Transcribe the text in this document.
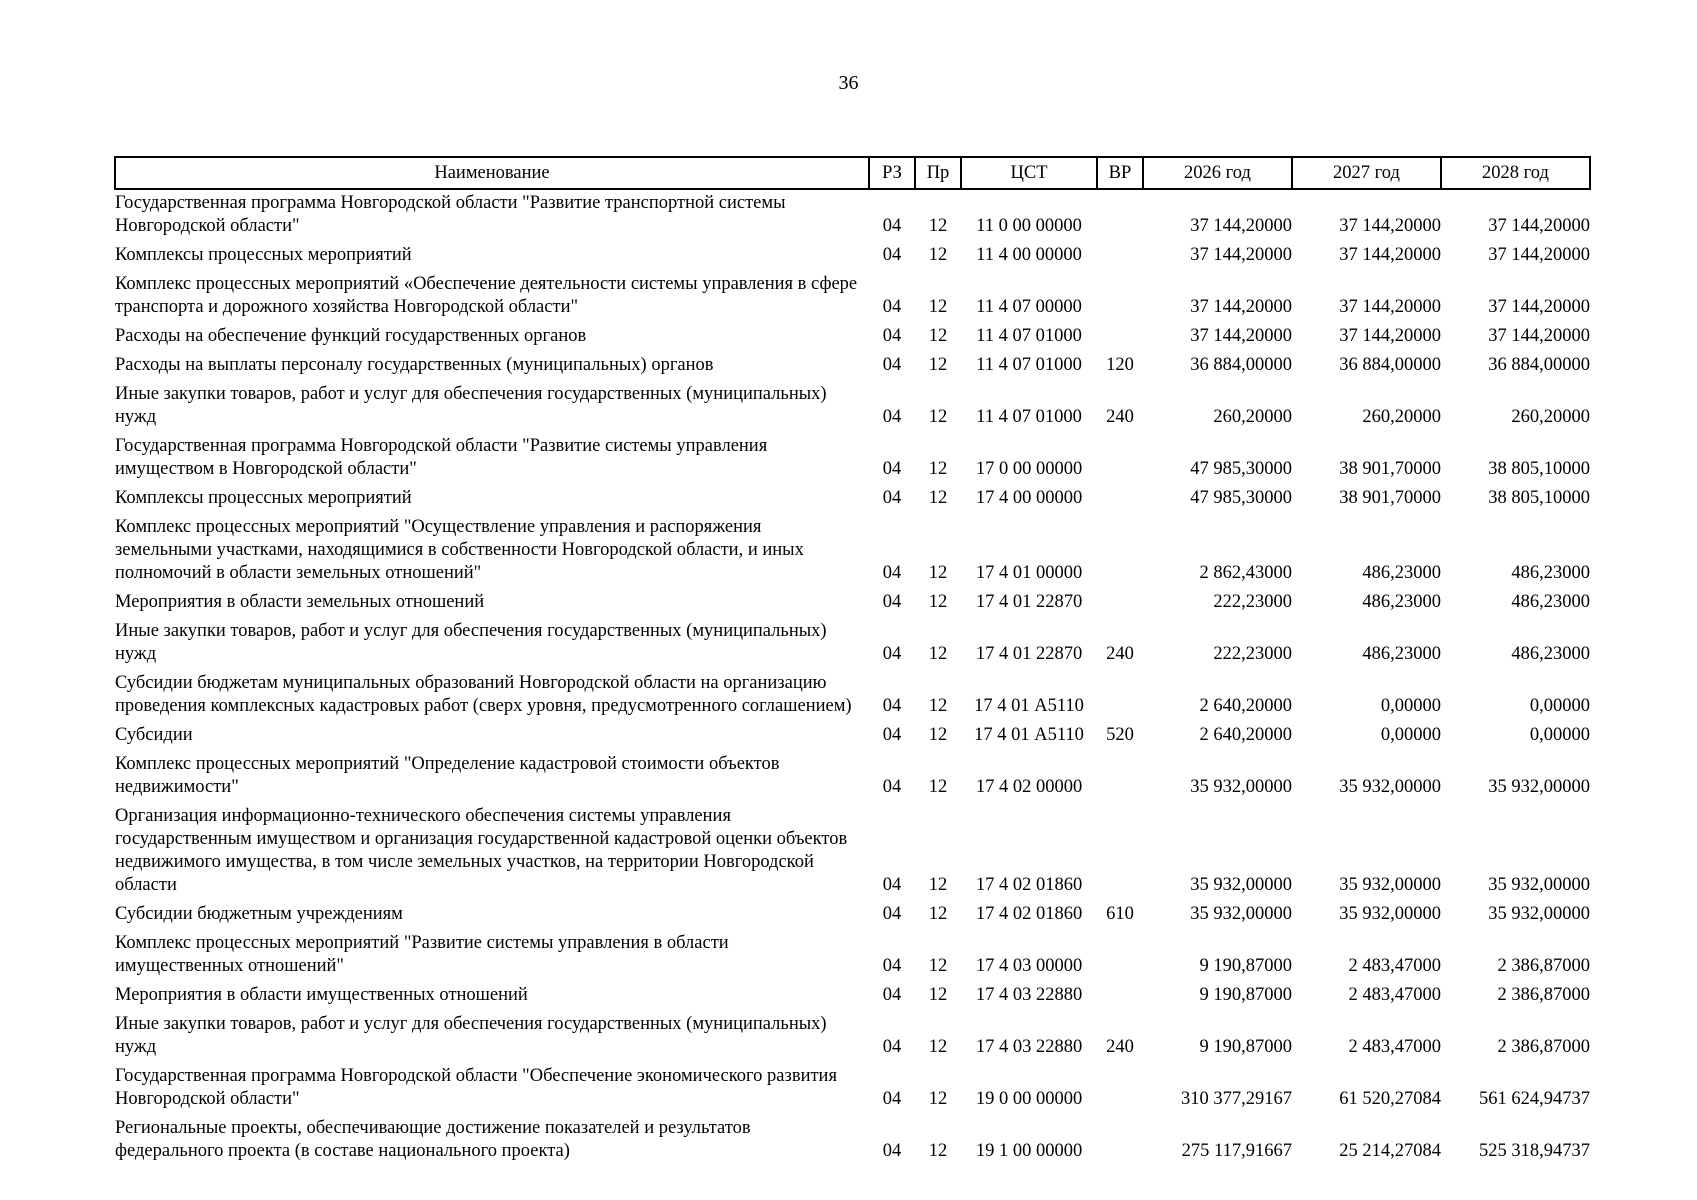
36
Наименование	РЗ	Пр	ЦСТ	ВР	2026 год	2027 год	2028 год
Государственная программа Новгородской области "Развитие транспортной системы Новгородской области"	04	12	11 0 00 00000		37 144,20000	37 144,20000	37 144,20000
Комплексы процессных мероприятий	04	12	11 4 00 00000		37 144,20000	37 144,20000	37 144,20000
Комплекс процессных мероприятий «Обеспечение деятельности системы управления в сфере транспорта и дорожного хозяйства Новгородской области"	04	12	11 4 07 00000		37 144,20000	37 144,20000	37 144,20000
Расходы на обеспечение функций государственных органов	04	12	11 4 07 01000		37 144,20000	37 144,20000	37 144,20000
Расходы на выплаты персоналу государственных (муниципальных) органов	04	12	11 4 07 01000	120	36 884,00000	36 884,00000	36 884,00000
Иные закупки товаров, работ и услуг для обеспечения государственных (муниципальных) нужд	04	12	11 4 07 01000	240	260,20000	260,20000	260,20000
Государственная программа Новгородской области "Развитие системы управления имуществом в Новгородской области"	04	12	17 0 00 00000		47 985,30000	38 901,70000	38 805,10000
Комплексы процессных мероприятий	04	12	17 4 00 00000		47 985,30000	38 901,70000	38 805,10000
Комплекс процессных мероприятий "Осуществление управления и распоряжения земельными участками, находящимися в собственности Новгородской области, и иных полномочий в области земельных отношений"	04	12	17 4 01 00000		2 862,43000	486,23000	486,23000
Мероприятия в области земельных отношений	04	12	17 4 01 22870		222,23000	486,23000	486,23000
Иные закупки товаров, работ и услуг для обеспечения государственных (муниципальных) нужд	04	12	17 4 01 22870	240	222,23000	486,23000	486,23000
Субсидии бюджетам муниципальных образований Новгородской области на организацию проведения комплексных кадастровых работ (сверх уровня, предусмотренного соглашением)	04	12	17 4 01 А5110		2 640,20000	0,00000	0,00000
Субсидии	04	12	17 4 01 А5110	520	2 640,20000	0,00000	0,00000
Комплекс процессных мероприятий "Определение кадастровой стоимости объектов недвижимости"	04	12	17 4 02 00000		35 932,00000	35 932,00000	35 932,00000
Организация информационно-технического обеспечения системы управления государственным имуществом и организация государственной кадастровой оценки объектов недвижимого имущества, в том числе земельных участков, на территории Новгородской области	04	12	17 4 02 01860		35 932,00000	35 932,00000	35 932,00000
Субсидии бюджетным учреждениям	04	12	17 4 02 01860	610	35 932,00000	35 932,00000	35 932,00000
Комплекс процессных мероприятий "Развитие системы управления в области имущественных отношений"	04	12	17 4 03 00000		9 190,87000	2 483,47000	2 386,87000
Мероприятия в области имущественных отношений	04	12	17 4 03 22880		9 190,87000	2 483,47000	2 386,87000
Иные закупки товаров, работ и услуг для обеспечения государственных (муниципальных) нужд	04	12	17 4 03 22880	240	9 190,87000	2 483,47000	2 386,87000
Государственная программа Новгородской области "Обеспечение экономического развития Новгородской области"	04	12	19 0 00 00000		310 377,29167	61 520,27084	561 624,94737
Региональные проекты, обеспечивающие достижение показателей и результатов федерального проекта (в составе национального проекта)	04	12	19 1 00 00000		275 117,91667	25 214,27084	525 318,94737
